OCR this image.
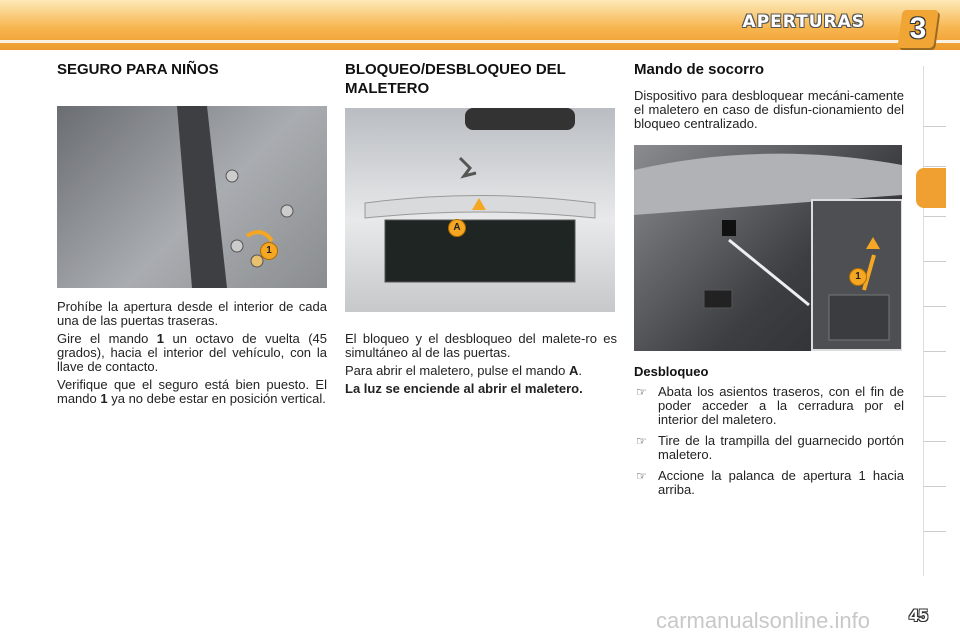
APERTURAS	3
SEGURO PARA NIÑOS
1

Prohíbe la apertura desde el interior de cada una de las puertas traseras.

Gire el mando 1 un octavo de vuelta (45 grados), hacia el interior del vehículo, con la llave de contacto.

Verifique que el seguro está bien puesto. El mando 1 ya no debe estar en posición vertical.

BLOQUEO/DESBLOQUEO DEL MALETERO
A

El bloqueo y el desbloqueo del malete-ro es simultáneo al de las puertas.

Para abrir el maletero, pulse el mando A.

La luz se enciende al abrir el maletero.

Mando de socorro

Dispositivo para desbloquear mecáni-camente el maletero en caso de disfun-cionamiento del bloqueo centralizado.

1
Desbloqueo
☞ Abata los asientos traseros, con el fin de poder acceder a la cerradura por el interior del maletero.
☞ Tire de la trampilla del guarnecido portón maletero.
☞ Accione la palanca de apertura 1 hacia arriba.
carmanualsonline.info 45
